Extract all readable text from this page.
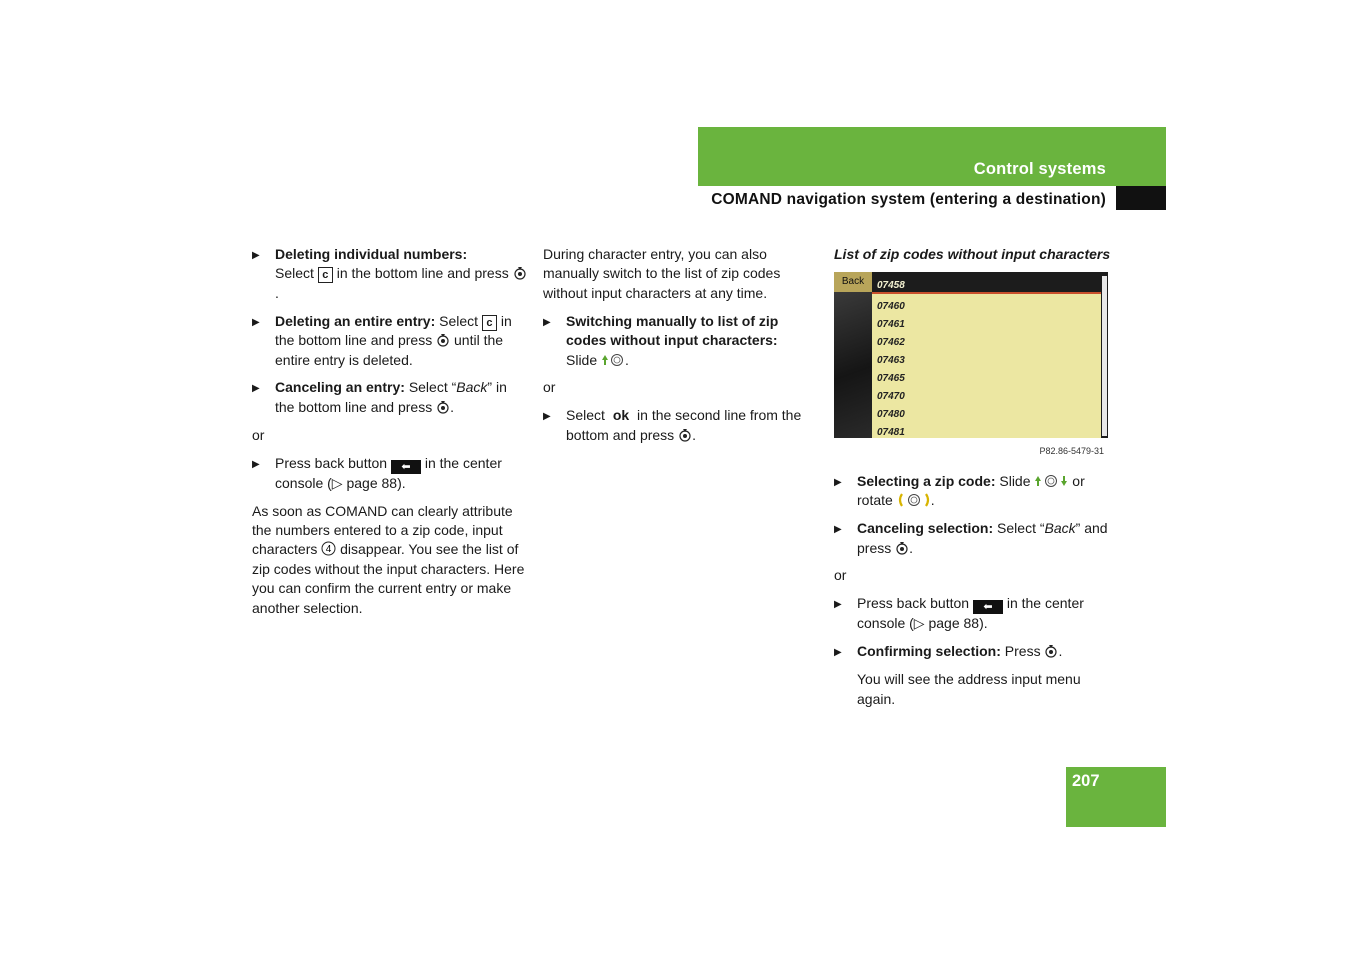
Control systems
COMAND navigation system (entering a destination)
▶ Deleting individual numbers:
Select c in the bottom line and press .
▶ Deleting an entire entry: Select c in the bottom line and press until the entire entry is deleted.
▶ Canceling an entry: Select “Back” in the bottom line and press .

or

▶ Press back button ⬅ in the center console (▷ page 88).

As soon as COMAND can clearly attribute the numbers entered to a zip code, input characters 4 disappear. You see the list of zip codes without the input characters. Here you can confirm the current entry or make another selection.

During character entry, you can also manually switch to the list of zip codes without input characters at any time.

▶ Switching manually to list of zip codes without input characters:
Slide .

or

▶ Select ok in the second line from the bottom and press .

List of zip codes without input characters

Back	07458
07460
07461
07462
07463
07465
07470
07480
07481

P82.86-5479-31

▶ Selecting a zip code: Slide	or rotate	.
▶ Canceling selection: Select “Back” and press .

or

▶ Press back button ⬅ in the center console (▷ page 88).
▶ Confirming selection: Press .

You will see the address input menu again.

207
